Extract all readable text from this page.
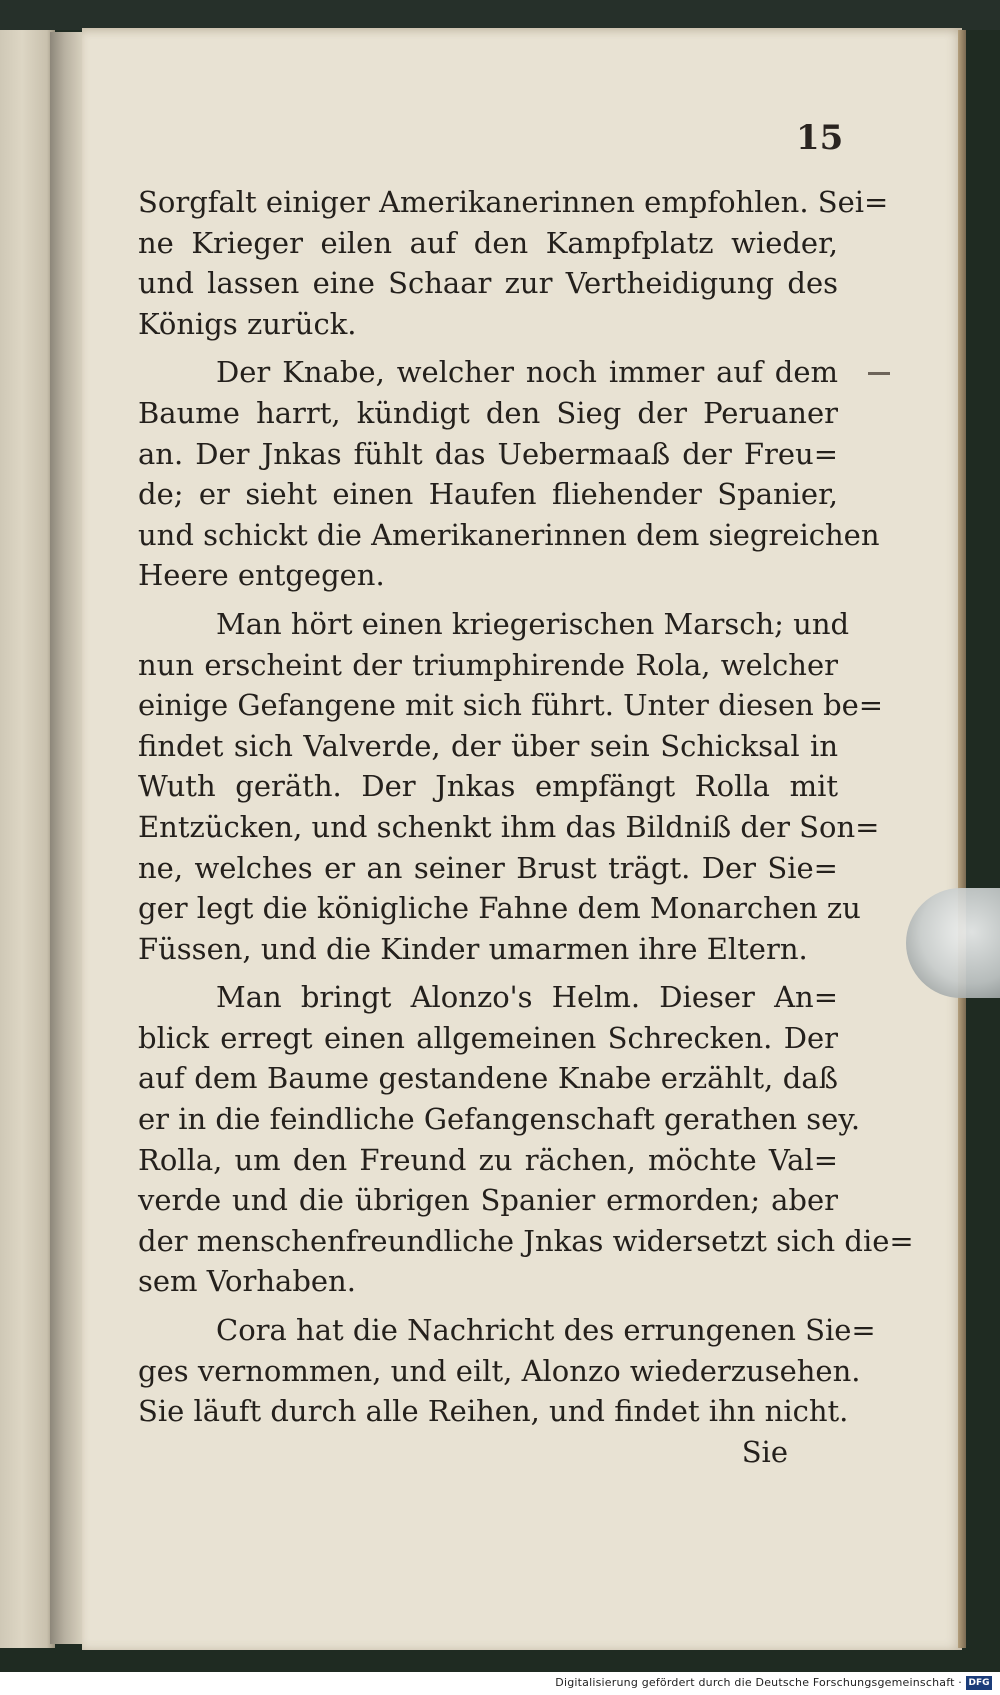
15
Sorgfalt einiger Amerikanerinnen empfohlen. Sei=
ne Krieger eilen auf den Kampfplatz wieder,
und lassen eine Schaar zur Vertheidigung des
Königs zurück.
Der Knabe, welcher noch immer auf dem
Baume harrt, kündigt den Sieg der Peruaner
an. Der Jnkas fühlt das Uebermaaß der Freu=
de; er sieht einen Haufen fliehender Spanier,
und schickt die Amerikanerinnen dem siegreichen
Heere entgegen.
Man hört einen kriegerischen Marsch; und
nun erscheint der triumphirende Rola, welcher
einige Gefangene mit sich führt. Unter diesen be=
findet sich Valverde, der über sein Schicksal in
Wuth geräth. Der Jnkas empfängt Rolla mit
Entzücken, und schenkt ihm das Bildniß der Son=
ne, welches er an seiner Brust trägt. Der Sie=
ger legt die königliche Fahne dem Monarchen zu
Füssen, und die Kinder umarmen ihre Eltern.
Man bringt Alonzo's Helm. Dieser An=
blick erregt einen allgemeinen Schrecken. Der
auf dem Baume gestandene Knabe erzählt, daß
er in die feindliche Gefangenschaft gerathen sey.
Rolla, um den Freund zu rächen, möchte Val=
verde und die übrigen Spanier ermorden; aber
der menschenfreundliche Jnkas widersetzt sich die=
sem Vorhaben.
Cora hat die Nachricht des errungenen Sie=
ges vernommen, und eilt, Alonzo wiederzusehen.
Sie läuft durch alle Reihen, und findet ihn nicht.
Sie
Digitalisierung gefördert durch die Deutsche Forschungsgemeinschaft · DFG
